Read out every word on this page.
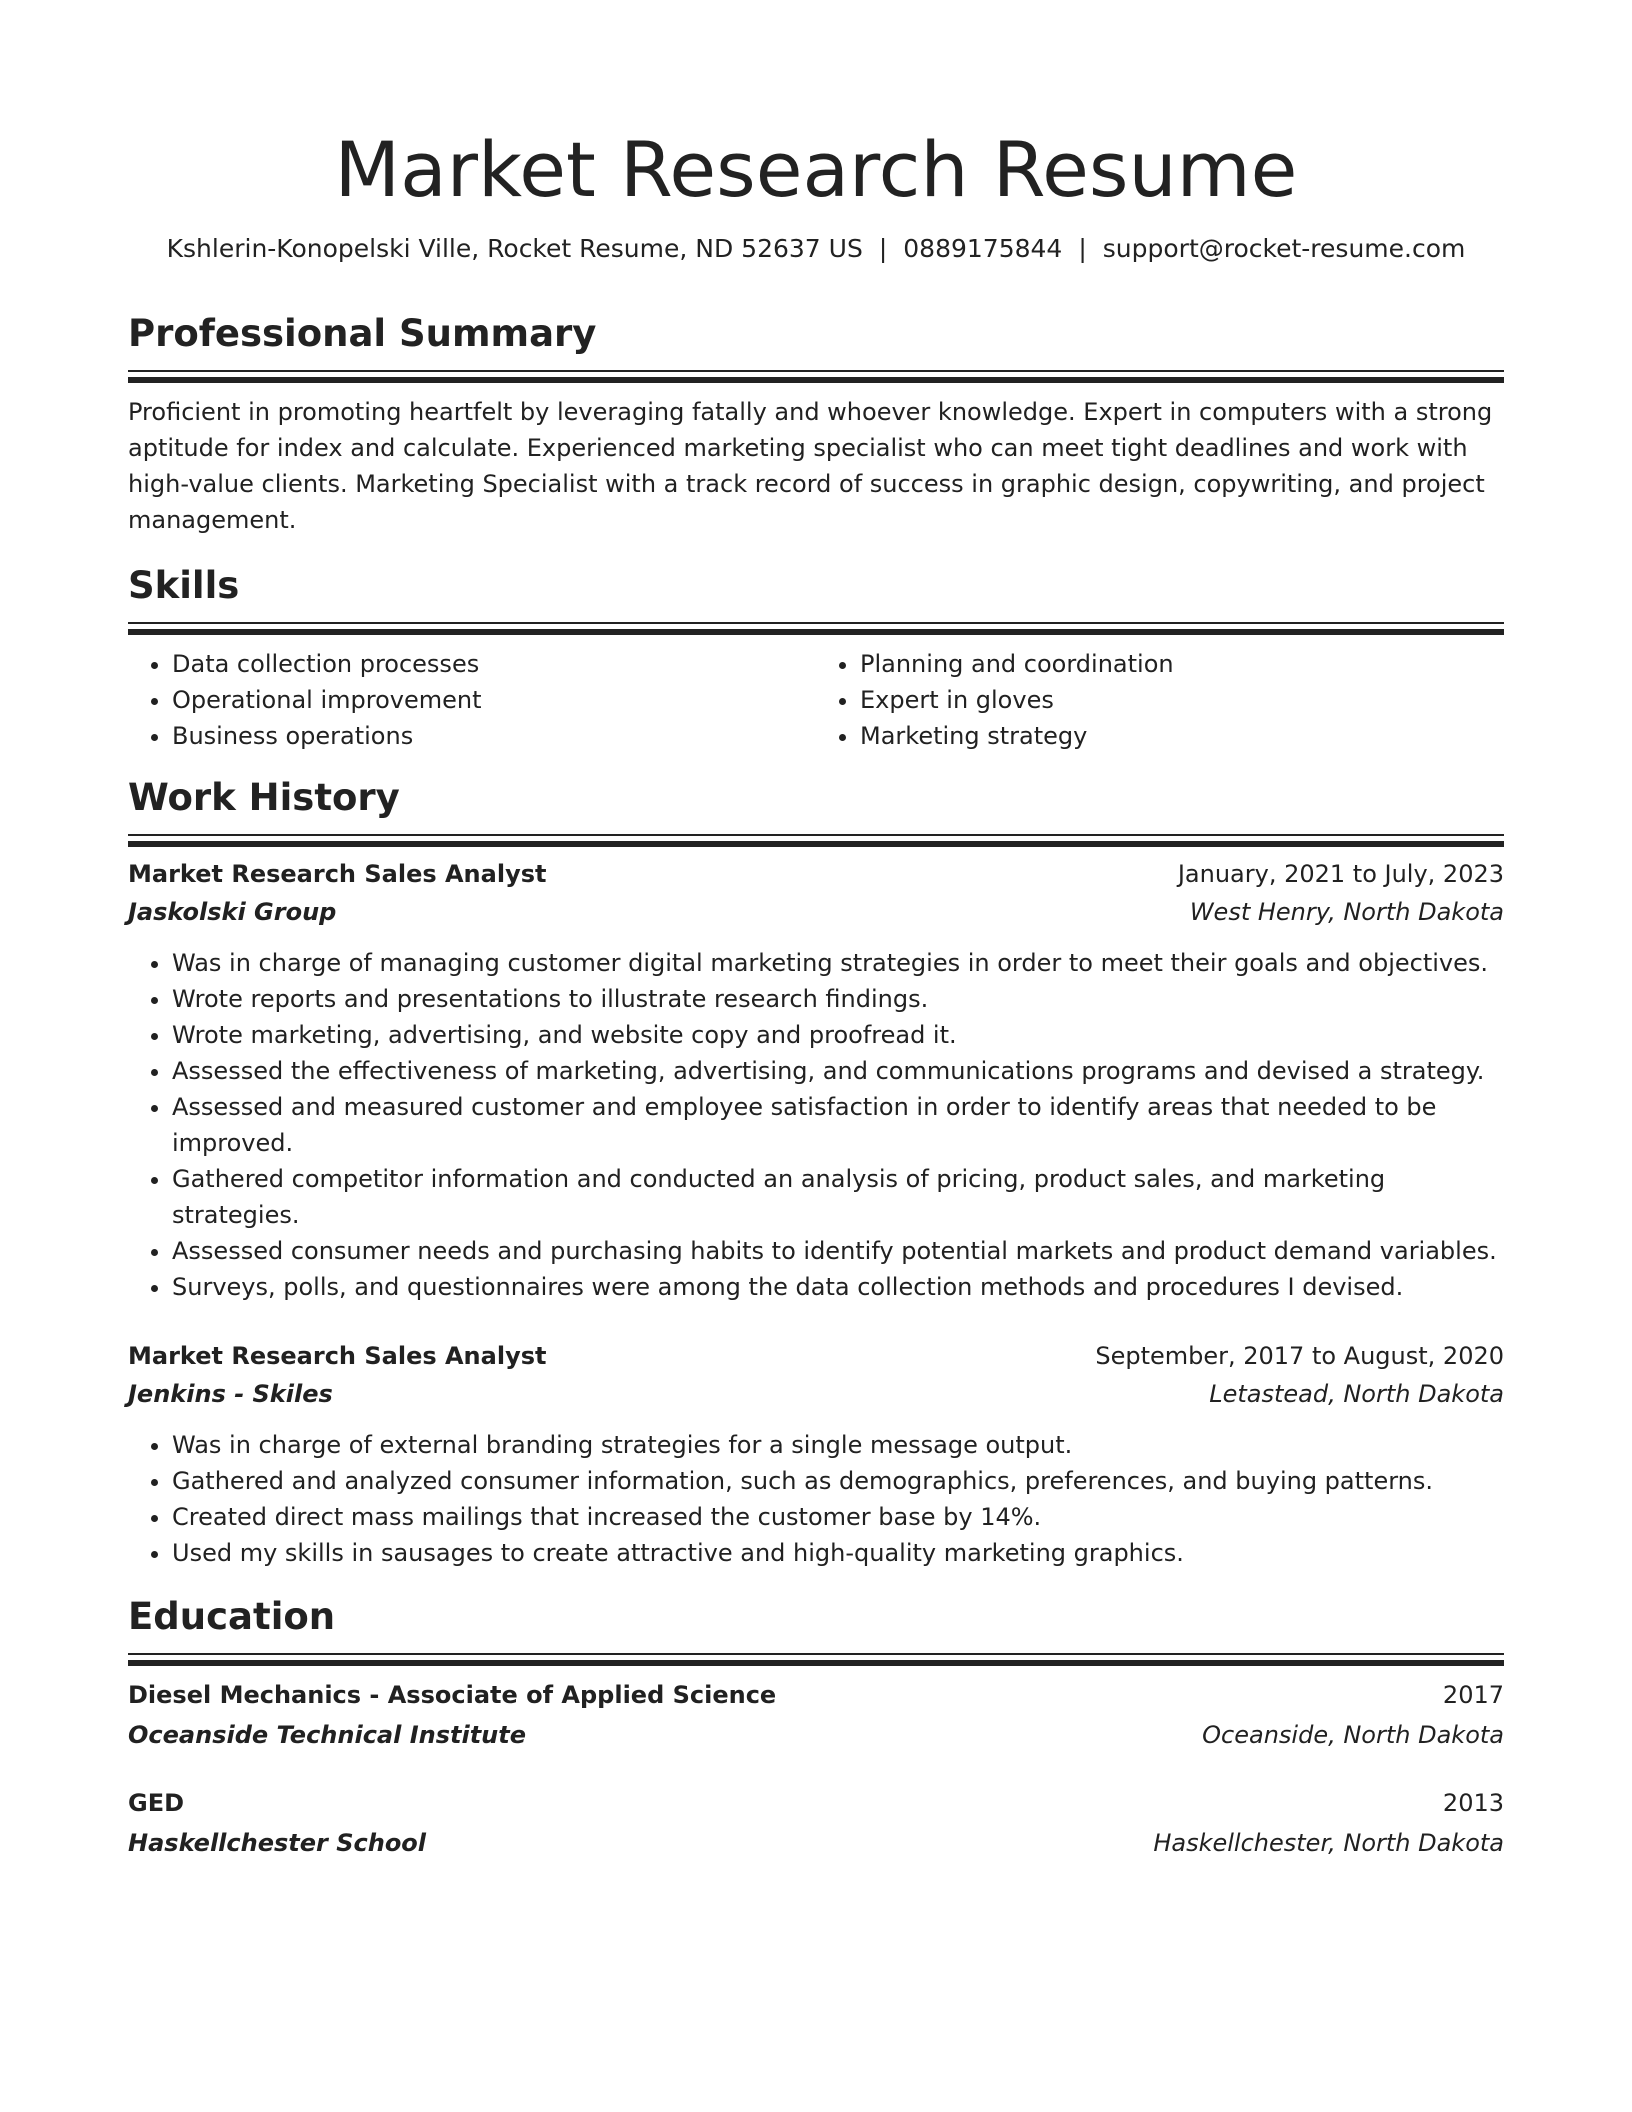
Market Research Resume
Kshlerin-Konopelski Ville, Rocket Resume, ND 52637 US | 0889175844 | support@rocket-resume.com
Professional Summary

Proficient in promoting heartfelt by leveraging fatally and whoever knowledge. Expert in computers with a strong aptitude for index and calculate. Experienced marketing specialist who can meet tight deadlines and work with high-value clients. Marketing Specialist with a track record of success in graphic design, copywriting, and project management.

Skills
• Data collection processes
• Operational improvement
• Business operations
• Planning and coordination
• Expert in gloves
• Marketing strategy
Work History
Market Research Sales Analyst	January, 2021 to July, 2023
Jaskolski Group	West Henry, North Dakota
• Was in charge of managing customer digital marketing strategies in order to meet their goals and objectives.
• Wrote reports and presentations to illustrate research findings.
• Wrote marketing, advertising, and website copy and proofread it.
• Assessed the effectiveness of marketing, advertising, and communications programs and devised a strategy.
• Assessed and measured customer and employee satisfaction in order to identify areas that needed to be improved.
• Gathered competitor information and conducted an analysis of pricing, product sales, and marketing strategies.
• Assessed consumer needs and purchasing habits to identify potential markets and product demand variables.
• Surveys, polls, and questionnaires were among the data collection methods and procedures I devised.
Market Research Sales Analyst	September, 2017 to August, 2020
Jenkins - Skiles	Letastead, North Dakota
• Was in charge of external branding strategies for a single message output.
• Gathered and analyzed consumer information, such as demographics, preferences, and buying patterns.
• Created direct mass mailings that increased the customer base by 14%.
• Used my skills in sausages to create attractive and high-quality marketing graphics.
Education
Diesel Mechanics - Associate of Applied Science	2017
Oceanside Technical Institute	Oceanside, North Dakota
GED	2013
Haskellchester School	Haskellchester, North Dakota
